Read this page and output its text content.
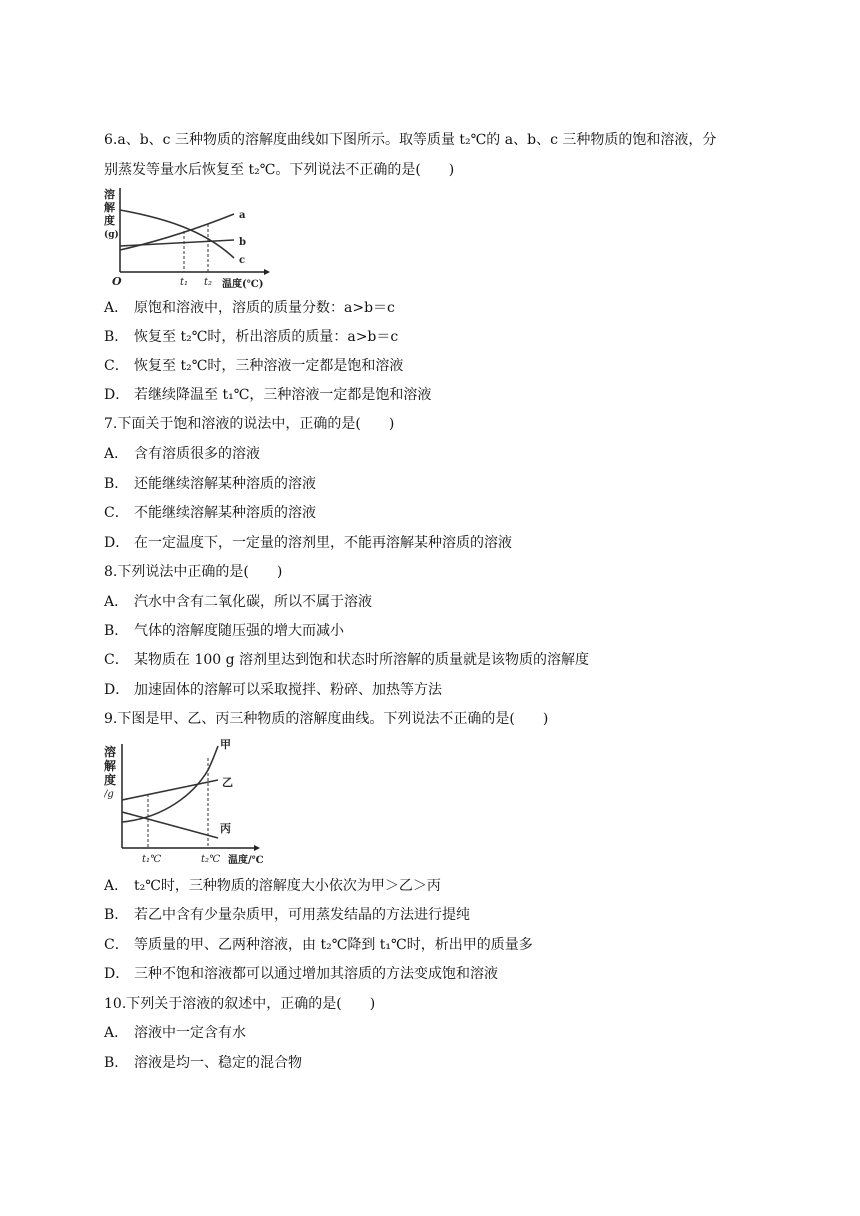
6.a、b、c 三种物质的溶解度曲线如下图所示。取等质量 t₂℃的 a、b、c 三种物质的饱和溶液，分
别蒸发等量水后恢复至 t₂℃。下列说法不正确的是(　　)
溶
解
度
(g)
a
b
c
O	t₁ t₂ 温度(℃)
A． 原饱和溶液中，溶质的质量分数：a>b＝c
B． 恢复至 t₂℃时，析出溶质的质量：a>b＝c
C． 恢复至 t₂℃时，三种溶液一定都是饱和溶液
D． 若继续降温至 t₁℃，三种溶液一定都是饱和溶液
7.下面关于饱和溶液的说法中，正确的是(　　)
A． 含有溶质很多的溶液
B． 还能继续溶解某种溶质的溶液
C． 不能继续溶解某种溶质的溶液
D． 在一定温度下，一定量的溶剂里，不能再溶解某种溶质的溶液
8.下列说法中正确的是(　　)
A． 汽水中含有二氧化碳，所以不属于溶液
B． 气体的溶解度随压强的增大而减小
C． 某物质在 100 g 溶剂里达到饱和状态时所溶解的质量就是该物质的溶解度
D． 加速固体的溶解可以采取搅拌、粉碎、加热等方法
9.下图是甲、乙、丙三种物质的溶解度曲线。下列说法不正确的是(　　)
溶
解
度
/g
甲
乙
丙
t₁℃	t₂℃ 温度/℃
A． t₂℃时，三种物质的溶解度大小依次为甲＞乙＞丙
B． 若乙中含有少量杂质甲，可用蒸发结晶的方法进行提纯
C． 等质量的甲、乙两种溶液，由 t₂℃降到 t₁℃时，析出甲的质量多
D． 三种不饱和溶液都可以通过增加其溶质的方法变成饱和溶液
10.下列关于溶液的叙述中，正确的是(　　)
A． 溶液中一定含有水
B． 溶液是均一、稳定的混合物
